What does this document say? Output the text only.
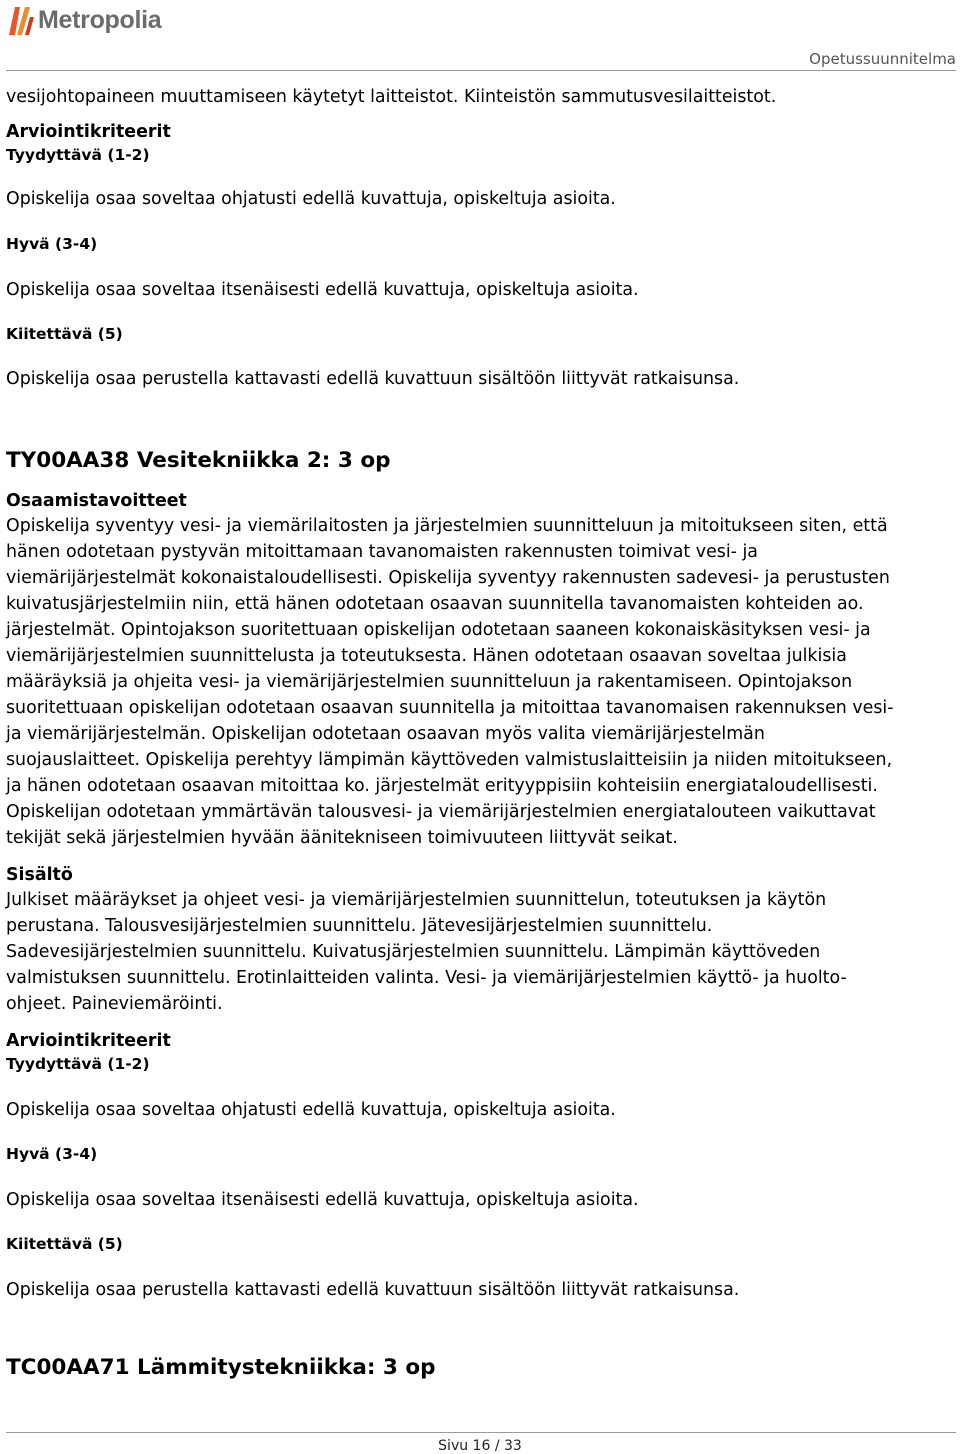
Metropolia
Opetussuunnitelma

vesijohtopaineen muuttamiseen käytetyt laitteistot. Kiinteistön sammutusvesilaitteistot.

Arviointikriteerit

Tyydyttävä (1-2)

Opiskelija osaa soveltaa ohjatusti edellä kuvattuja, opiskeltuja asioita.

Hyvä (3-4)

Opiskelija osaa soveltaa itsenäisesti edellä kuvattuja, opiskeltuja asioita.

Kiitettävä (5)

Opiskelija osaa perustella kattavasti edellä kuvattuun sisältöön liittyvät ratkaisunsa.

TY00AA38 Vesitekniikka 2: 3 op

Osaamistavoitteet

Opiskelija syventyy vesi- ja viemärilaitosten ja järjestelmien suunnitteluun ja mitoitukseen siten, että

hänen odotetaan pystyvän mitoittamaan tavanomaisten rakennusten toimivat vesi- ja

viemärijärjestelmät kokonaistaloudellisesti. Opiskelija syventyy rakennusten sadevesi- ja perustusten

kuivatusjärjestelmiin niin, että hänen odotetaan osaavan suunnitella tavanomaisten kohteiden ao.

järjestelmät. Opintojakson suoritettuaan opiskelijan odotetaan saaneen kokonaiskäsityksen vesi- ja

viemärijärjestelmien suunnittelusta ja toteutuksesta. Hänen odotetaan osaavan soveltaa julkisia

määräyksiä ja ohjeita vesi- ja viemärijärjestelmien suunnitteluun ja rakentamiseen. Opintojakson

suoritettuaan opiskelijan odotetaan osaavan suunnitella ja mitoittaa tavanomaisen rakennuksen vesi-

ja viemärijärjestelmän. Opiskelijan odotetaan osaavan myös valita viemärijärjestelmän

suojauslaitteet. Opiskelija perehtyy lämpimän käyttöveden valmistuslaitteisiin ja niiden mitoitukseen,

ja hänen odotetaan osaavan mitoittaa ko. järjestelmät erityyppisiin kohteisiin energiataloudellisesti.

Opiskelijan odotetaan ymmärtävän talousvesi- ja viemärijärjestelmien energiatalouteen vaikuttavat

tekijät sekä järjestelmien hyvään äänitekniseen toimivuuteen liittyvät seikat.

Sisältö

Julkiset määräykset ja ohjeet vesi- ja viemärijärjestelmien suunnittelun, toteutuksen ja käytön

perustana. Talousvesijärjestelmien suunnittelu. Jätevesijärjestelmien suunnittelu.

Sadevesijärjestelmien suunnittelu. Kuivatusjärjestelmien suunnittelu. Lämpimän käyttöveden

valmistuksen suunnittelu. Erotinlaitteiden valinta. Vesi- ja viemärijärjestelmien käyttö- ja huolto-

ohjeet. Paineviemäröinti.

Arviointikriteerit

Tyydyttävä (1-2)

Opiskelija osaa soveltaa ohjatusti edellä kuvattuja, opiskeltuja asioita.

Hyvä (3-4)

Opiskelija osaa soveltaa itsenäisesti edellä kuvattuja, opiskeltuja asioita.

Kiitettävä (5)

Opiskelija osaa perustella kattavasti edellä kuvattuun sisältöön liittyvät ratkaisunsa.

TC00AA71 Lämmitystekniikka: 3 op

Sivu 16 / 33
